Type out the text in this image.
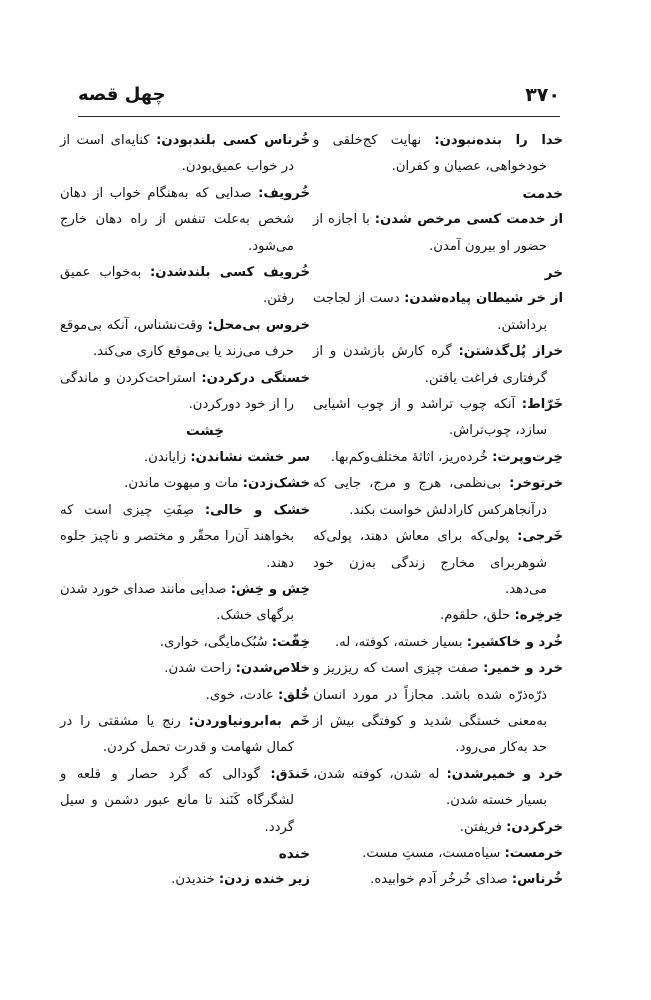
۳۷۰
چهل قصه

خدا را بنده‌نبودن: نهایت کج‌خلقی و خودخواهی، عصیان و کفران.

خدمت

از خدمت کسی مرخص شدن: با اجازه از حضور او بیرون آمدن.

خر

از خر شیطان پیاده‌شدن: دست از لجاجت برداشتن.

خر‌از پُل‌گذشتن: گره کارش بازشدن و از گرفتاری فراغت یافتن.

خَرّاط: آنکه چوب تراشد و از چوب اشیایی سازد، چوب‌تراش.

خِرت‌وپرت: خُرده‌ریز، اثاثهٔ مختلف‌وکم‌بها.

خرتوخر: بی‌نظمی، هرج و مرج، جایی که درآنجاهرکس کارادلش خواست بکند.

خَرجی: پولی‌که برای معاش دهند، پولی‌که شوهربرای مخارج زندگی به‌زن خود می‌دهد.

خِرخِره: حلق، حلقوم.

خُرد و خاکشیر: بسیار خسته، کوفته، له.

خرد و خمیر: صفت چیزی است که ریزریز و ذرّه‌ذرّه شده باشد. مجازاً در مورد انسان به‌معنی خستگی شدید و کوفتگی بیش از حد به‌کار می‌رود.

خرد و خمیرشدن: له شدن، کوفته شدن، بسیار خسته شدن.

خرکردن: فریفتن.

خرمست: سیاه‌مست، مستِ مست.

خُرناس: صدای خُرخُر آدم خوابیده.

خُرناس کسی بلندبودن: کنایه‌ای است از در خواب عمیق‌بودن.

خُرویف: صدایی که به‌هنگام خواب از دهان شخص به‌علت تنفس از راه دهان خارج می‌شود.

خُرویف کسی بلندشدن: به‌خواب عمیق رفتن.

خروس بی‌محل: وقت‌نشناس، آنکه بی‌موقع حرف می‌زند یا بی‌موقع کاری می‌کند.

خستگی درکردن: استراحت‌کردن و ماندگی را از خود دورکردن.

خِشت

سر خشت نشاندن: زایاندن.

خشک‌زدن: مات و مبهوت ماندن.

خشک و خالی: صِفَتِ چیزی است که بخواهند آن‌را محقّر و مختصر و ناچیز جلوه دهند.

خِش و خِش: صدایی مانند صدای خورد شدن برگهای خشک.

خِفّت: سُبُک‌مایگی، خواری.

خلاص‌شدن: راحت شدن.

خُلق: عادت، خوی.

خَم به‌ابرونیاوردن: رنج یا مشقتی را در کمال شهامت و قدرت تحمل کردن.

خَندَق: گودالی که گرد حصار و قلعه و لشگرگاه کَنَند تا مانع عبور دشمن و سیل گردد.

خنده

زیر خنده زدن: خندیدن.
